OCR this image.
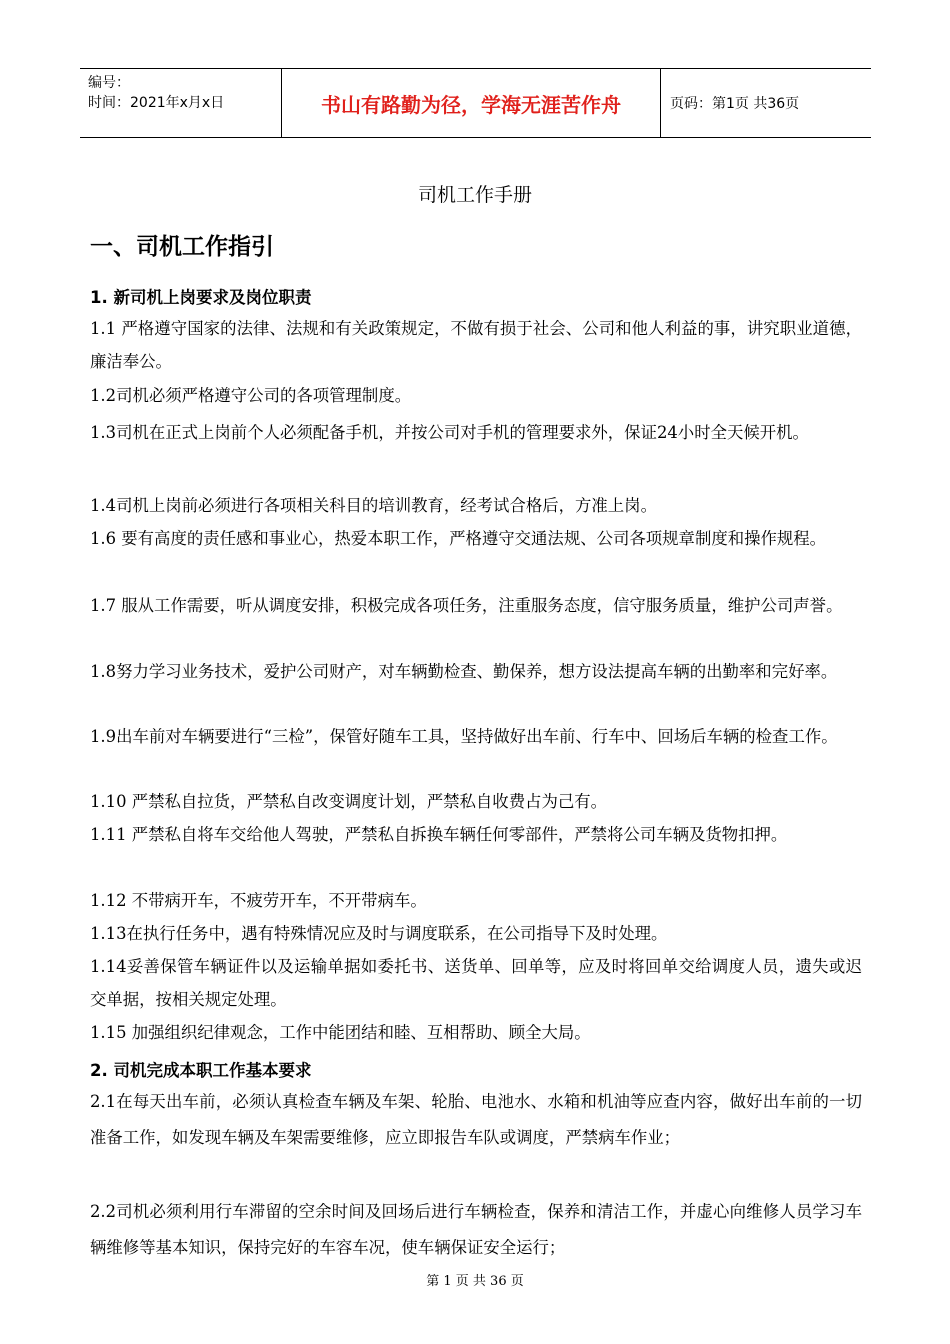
编号：
时间：2021年x月x日	书山有路勤为径，学海无涯苦作舟	页码：第1页 共36页
司机工作手册
一、司机工作指引
1. 新司机上岗要求及岗位职责
1.1 严格遵守国家的法律、法规和有关政策规定，不做有损于社会、公司和他人利益的事，讲究职业道德，廉洁奉公。
1.2司机必须严格遵守公司的各项管理制度。
1.3司机在正式上岗前个人必须配备手机，并按公司对手机的管理要求外，保证24小时全天候开机。
1.4司机上岗前必须进行各项相关科目的培训教育，经考试合格后，方准上岗。
1.6 要有高度的责任感和事业心，热爱本职工作，严格遵守交通法规、公司各项规章制度和操作规程。
1.7 服从工作需要，听从调度安排，积极完成各项任务，注重服务态度，信守服务质量，维护公司声誉。
1.8努力学习业务技术，爱护公司财产，对车辆勤检查、勤保养，想方设法提高车辆的出勤率和完好率。
1.9出车前对车辆要进行“三检”，保管好随车工具，坚持做好出车前、行车中、回场后车辆的检查工作。
1.10 严禁私自拉货，严禁私自改变调度计划，严禁私自收费占为己有。
1.11 严禁私自将车交给他人驾驶，严禁私自拆换车辆任何零部件，严禁将公司车辆及货物扣押。
1.12 不带病开车，不疲劳开车，不开带病车。
1.13在执行任务中，遇有特殊情况应及时与调度联系，在公司指导下及时处理。
1.14妥善保管车辆证件以及运输单据如委托书、送货单、回单等，应及时将回单交给调度人员，遗失或迟交单据，按相关规定处理。
1.15 加强组织纪律观念，工作中能团结和睦、互相帮助、顾全大局。
2. 司机完成本职工作基本要求
2.1在每天出车前，必须认真检查车辆及车架、轮胎、电池水、水箱和机油等应查内容，做好出车前的一切准备工作，如发现车辆及车架需要维修，应立即报告车队或调度，严禁病车作业；
2.2司机必须利用行车滞留的空余时间及回场后进行车辆检查，保养和清洁工作，并虚心向维修人员学习车辆维修等基本知识，保持完好的车容车况，使车辆保证安全运行；
第 1 页 共 36 页
